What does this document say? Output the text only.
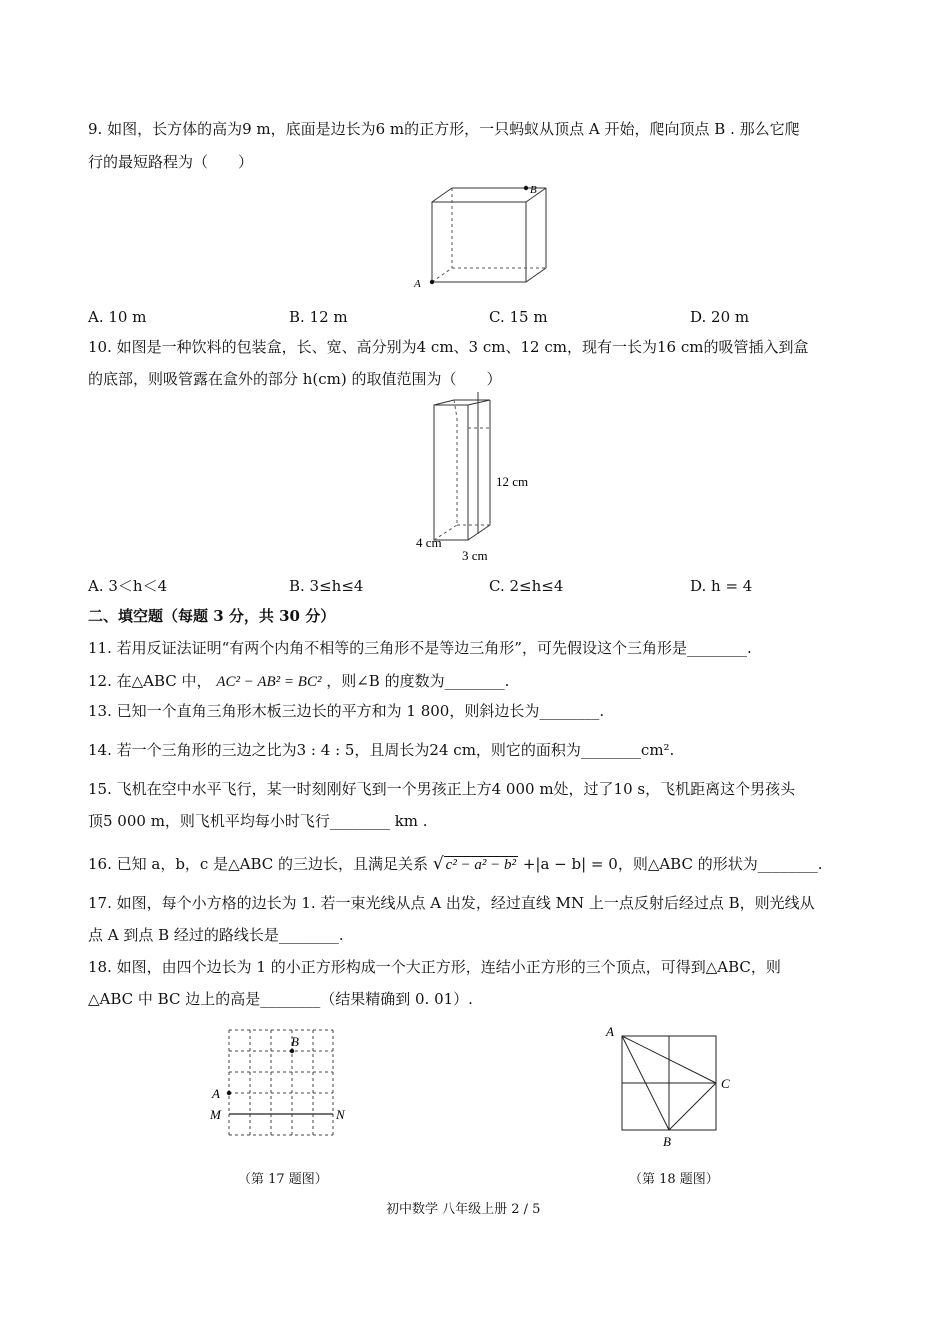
9. 如图，长方体的高为9 m，底面是边长为6 m的正方形，一只蚂蚁从顶点 A 开始，爬向顶点 B . 那么它爬
行的最短路程为（　　）
A
B
A. 10 m	B. 12 m	C. 15 m	D. 20 m
10. 如图是一种饮料的包装盒，长、宽、高分别为4 cm、3 cm、12 cm，现有一长为16 cm的吸管插入到盒
的底部，则吸管露在盒外的部分 h(cm) 的取值范围为（　　）
12 cm
4 cm
3 cm
A. 3＜h＜4	B. 3≤h≤4	C. 2≤h≤4	D. h = 4
二、填空题（每题 3 分，共 30 分）
11. 若用反证法证明“有两个内角不相等的三角形不是等边三角形”，可先假设这个三角形是________.
12. 在△ABC 中， AC² − AB² = BC² ，则∠B 的度数为________.
13. 已知一个直角三角形木板三边长的平方和为 1 800，则斜边长为________.
14. 若一个三角形的三边之比为3 : 4 : 5，且周长为24 cm，则它的面积为________cm².
15. 飞机在空中水平飞行，某一时刻刚好飞到一个男孩正上方4 000 m处，过了10 s，飞机距离这个男孩头
顶5 000 m，则飞机平均每小时飞行________ km .
16. 已知 a，b，c 是△ABC 的三边长，且满足关系 √ c² − a² − b² +|a − b| = 0，则△ABC 的形状为________.
17. 如图，每个小方格的边长为 1. 若一束光线从点 A 出发，经过直线 MN 上一点反射后经过点 B，则光线从
点 A 到点 B 经过的路线长是________.
18. 如图，由四个边长为 1 的小正方形构成一个大正方形，连结小正方形的三个顶点，可得到△ABC，则
△ABC 中 BC 边上的高是________（结果精确到 0. 01）.
A
B
M	N
（第 17 题图）
A
B
C
（第 18 题图）
初中数学 八年级上册 2 / 5
